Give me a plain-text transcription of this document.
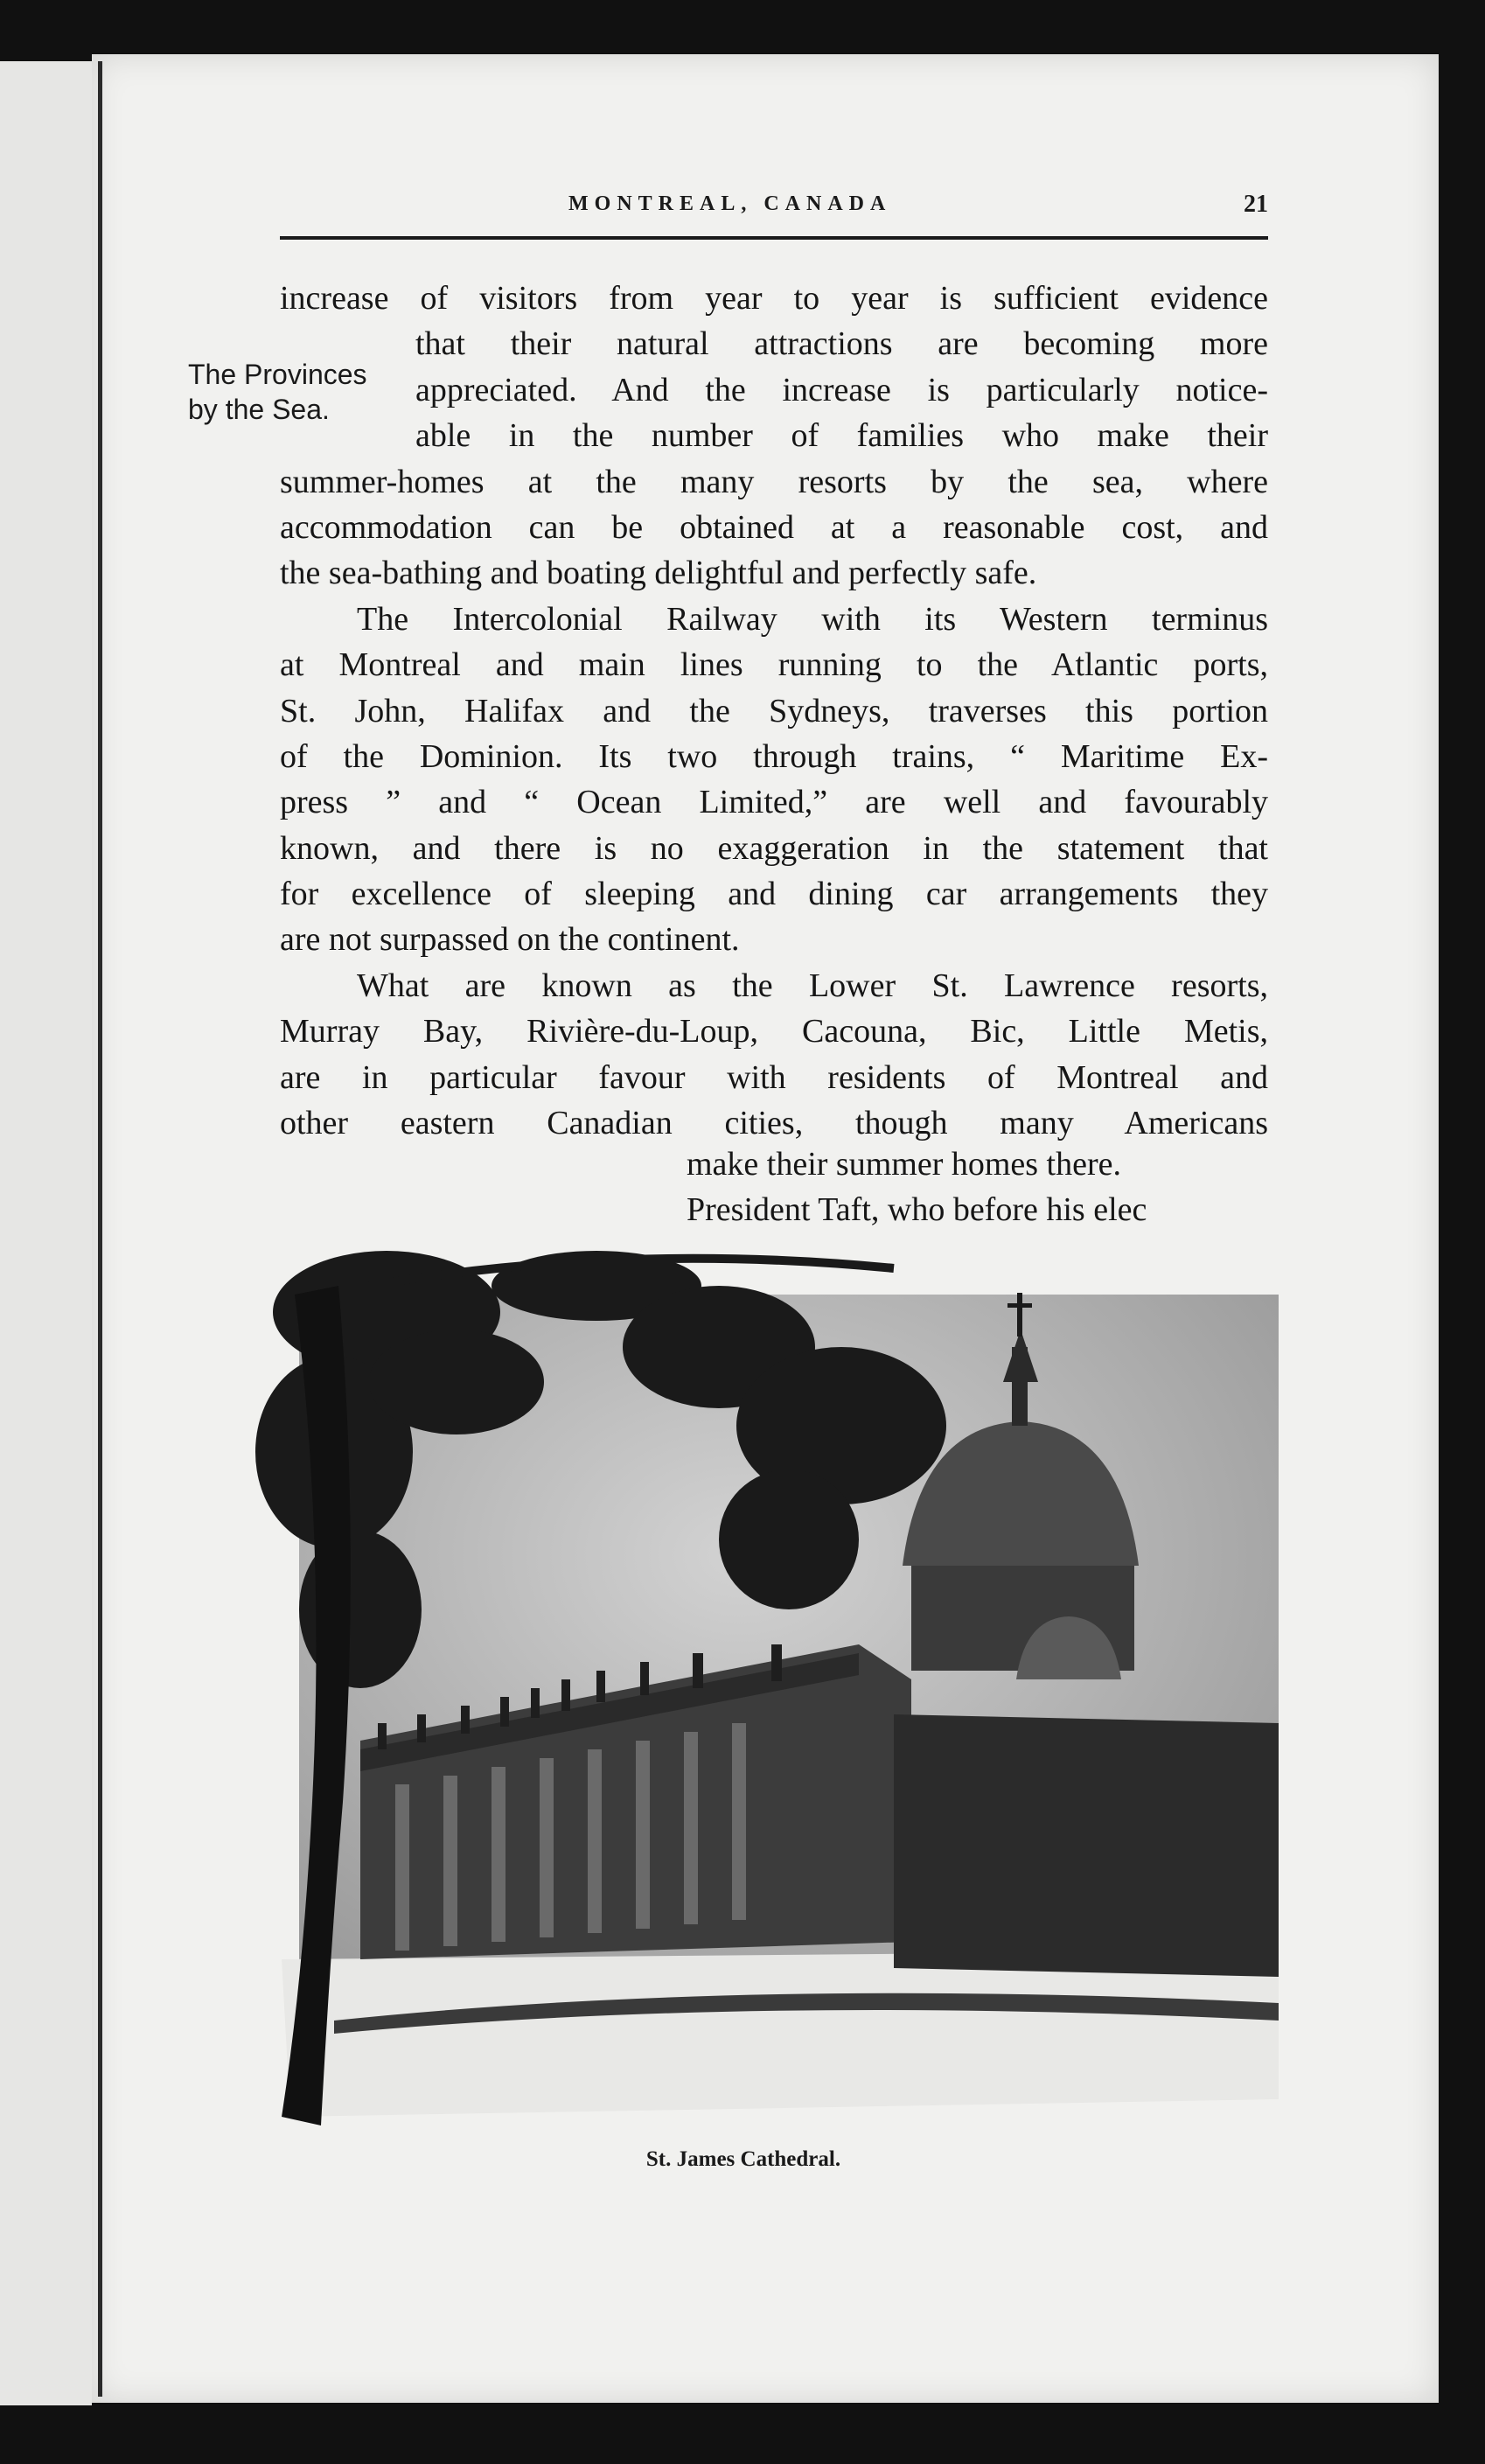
MONTREAL, CANADA	21
The Provinces
by the Sea.
increase of visitors from year to year is sufficient evidence
that their natural attractions are becoming more
appreciated. And the increase is particularly notice-
able in the number of families who make their
summer-homes at the many resorts by the sea, where
accommodation can be obtained at a reasonable cost, and
the sea-bathing and boating delightful and perfectly safe.
The Intercolonial Railway with its Western terminus
at Montreal and main lines running to the Atlantic ports,
St. John, Halifax and the Sydneys, traverses this portion
of the Dominion. Its two through trains, “ Maritime Ex-
press ” and “ Ocean Limited,” are well and favourably
known, and there is no exaggeration in the statement that
for excellence of sleeping and dining car arrangements they
are not surpassed on the continent.
What are known as the Lower St. Lawrence resorts,
Murray Bay, Rivière-du-Loup, Cacouna, Bic, Little Metis,
are in particular favour with residents of Montreal and
other eastern Canadian cities, though many Americans
make their summer homes there.
President Taft, who before his elec
St. James Cathedral.
